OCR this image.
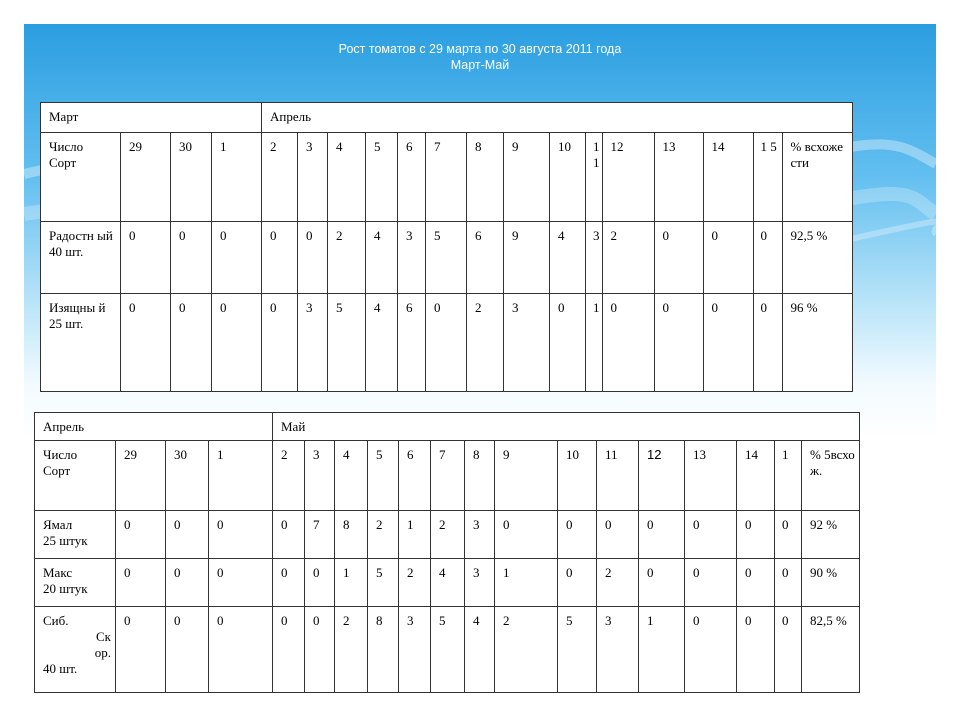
Рост томатов с 29 марта по 30 августа 2011 года
Март-Май
Март				Апрель														

Число
Сорт	29	30	1	2	3	4	5	6	7	8	9	10	1 1	12	13	14	1 5	% всхоже сти

Радостн ый
40 шт.	0	0	0	0	0	2	4	3	5	6	9	4	3	2	0	0	0	92,5 %

Изящны й
25 шт.	0	0	0	0	3	5	4	6	0	2	3	0	1	0	0	0	0	96 %
Апрель				Май														

Число
Сорт	29	30	1	2	3	4	5	6	7	8	9	10	11	12	13	14	1	% 5всхож.

Ямал
25 штук	0	0	0	0	7	8	2	1	2	3	0	0	0	0	0	0	0	92 %

Макс
20 штук	0	0	0	0	0	1	5	2	4	3	1	0	2	0	0	0	0	90 %

Сиб.
Ск
ор.
40 шт.	0	0	0	0	0	2	8	3	5	4	2	5	3	1	0	0	0	82,5 %
